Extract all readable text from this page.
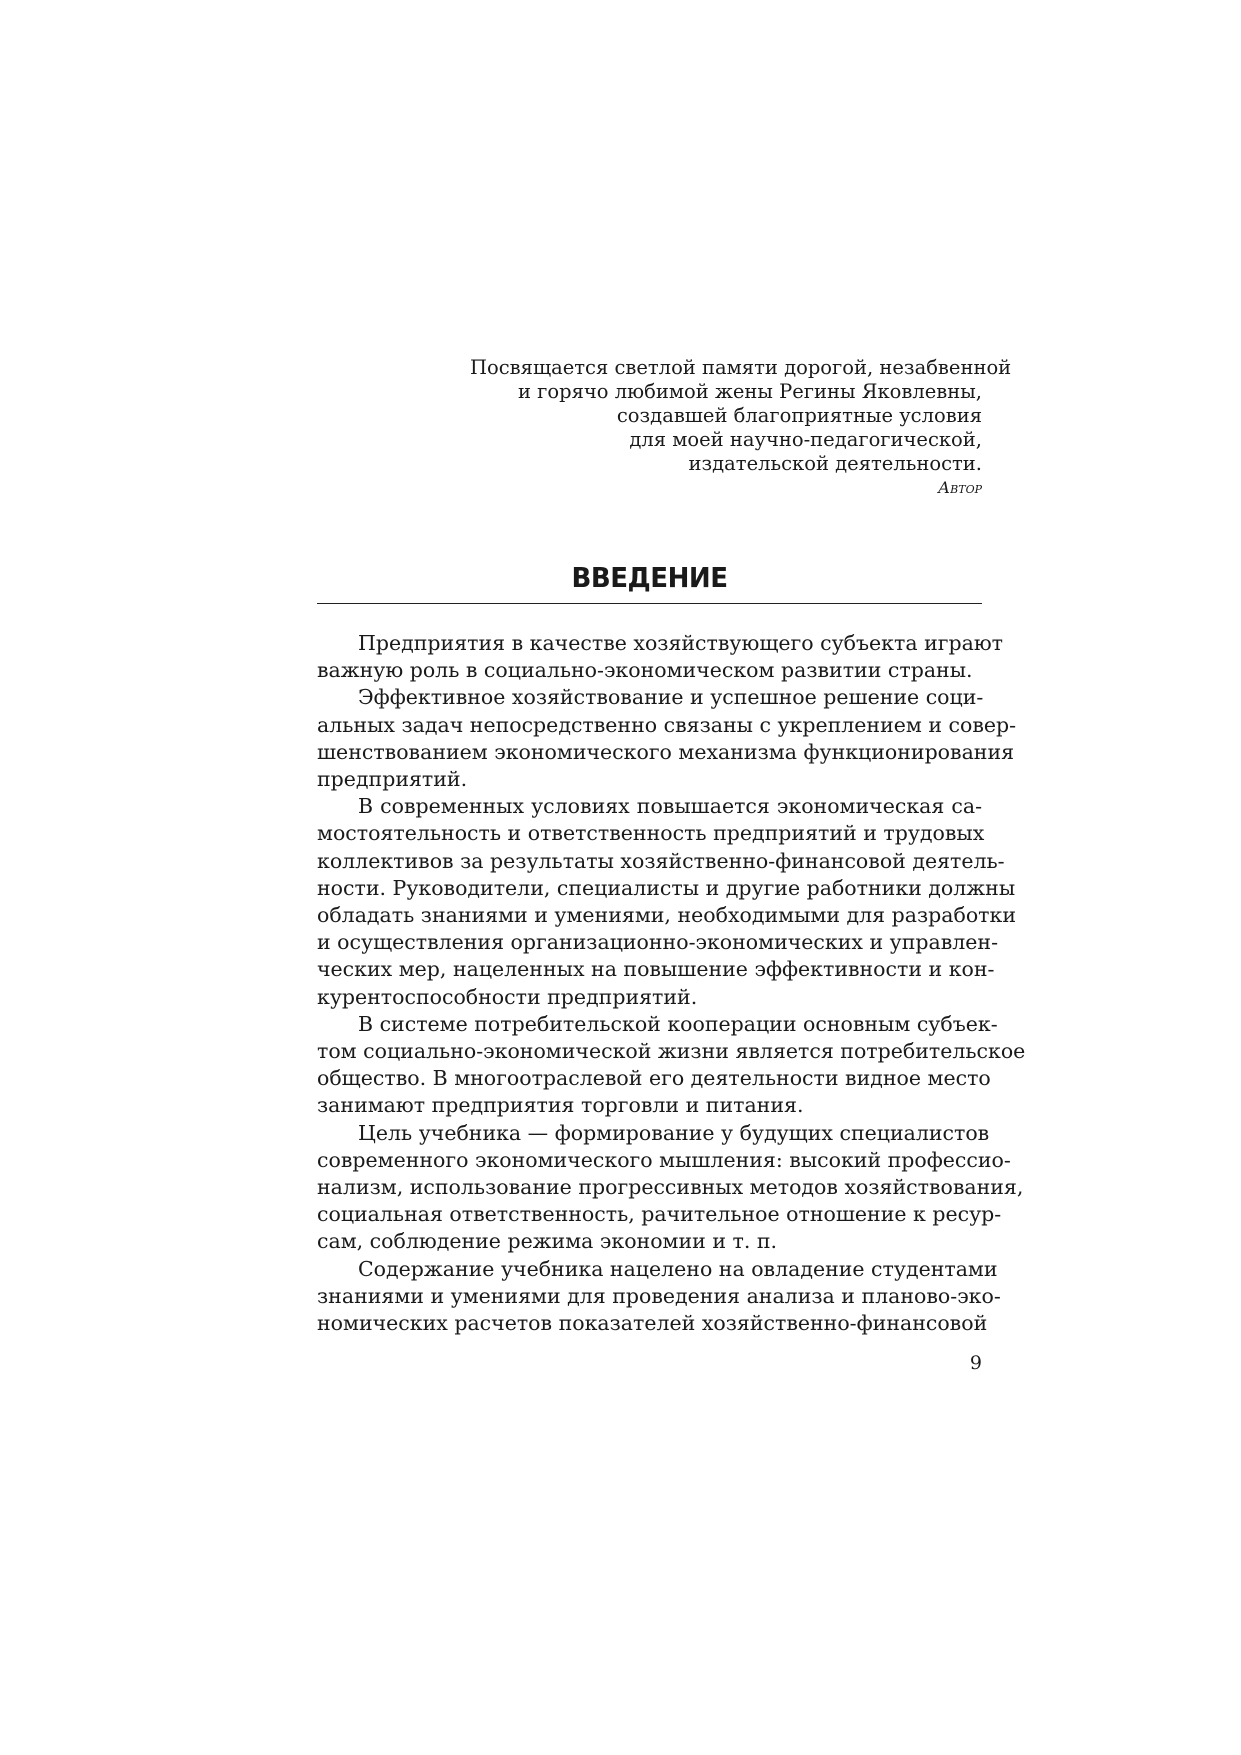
Посвящается светлой памяти дорогой, незабвенной
и горячо любимой жены Регины Яковлевны,
создавшей благоприятные условия
для моей научно-педагогической,
издательской деятельности.
Автор
ВВЕДЕНИЕ
Предприятия в качестве хозяйствующего субъекта играют
важную роль в социально-экономическом развитии страны.
Эффективное хозяйствование и успешное решение соци-
альных задач непосредственно связаны с укреплением и совер-
шенствованием экономического механизма функционирования
предприятий.
В современных условиях повышается экономическая са-
мостоятельность и ответственность предприятий и трудовых
коллективов за результаты хозяйственно-финансовой деятель-
ности. Руководители, специалисты и другие работники должны
обладать знаниями и умениями, необходимыми для разработки
и осуществления организационно-экономических и управлен-
ческих мер, нацеленных на повышение эффективности и кон-
курентоспособности предприятий.
В системе потребительской кооперации основным субъек-
том социально-экономической жизни является потребительское
общество. В многоотраслевой его деятельности видное место
занимают предприятия торговли и питания.
Цель учебника — формирование у будущих специалистов
современного экономического мышления: высокий профессио-
нализм, использование прогрессивных методов хозяйствования,
социальная ответственность, рачительное отношение к ресур-
сам, соблюдение режима экономии и т. п.
Содержание учебника нацелено на овладение студентами
знаниями и умениями для проведения анализа и планово-эко-
номических расчетов показателей хозяйственно-финансовой
9
